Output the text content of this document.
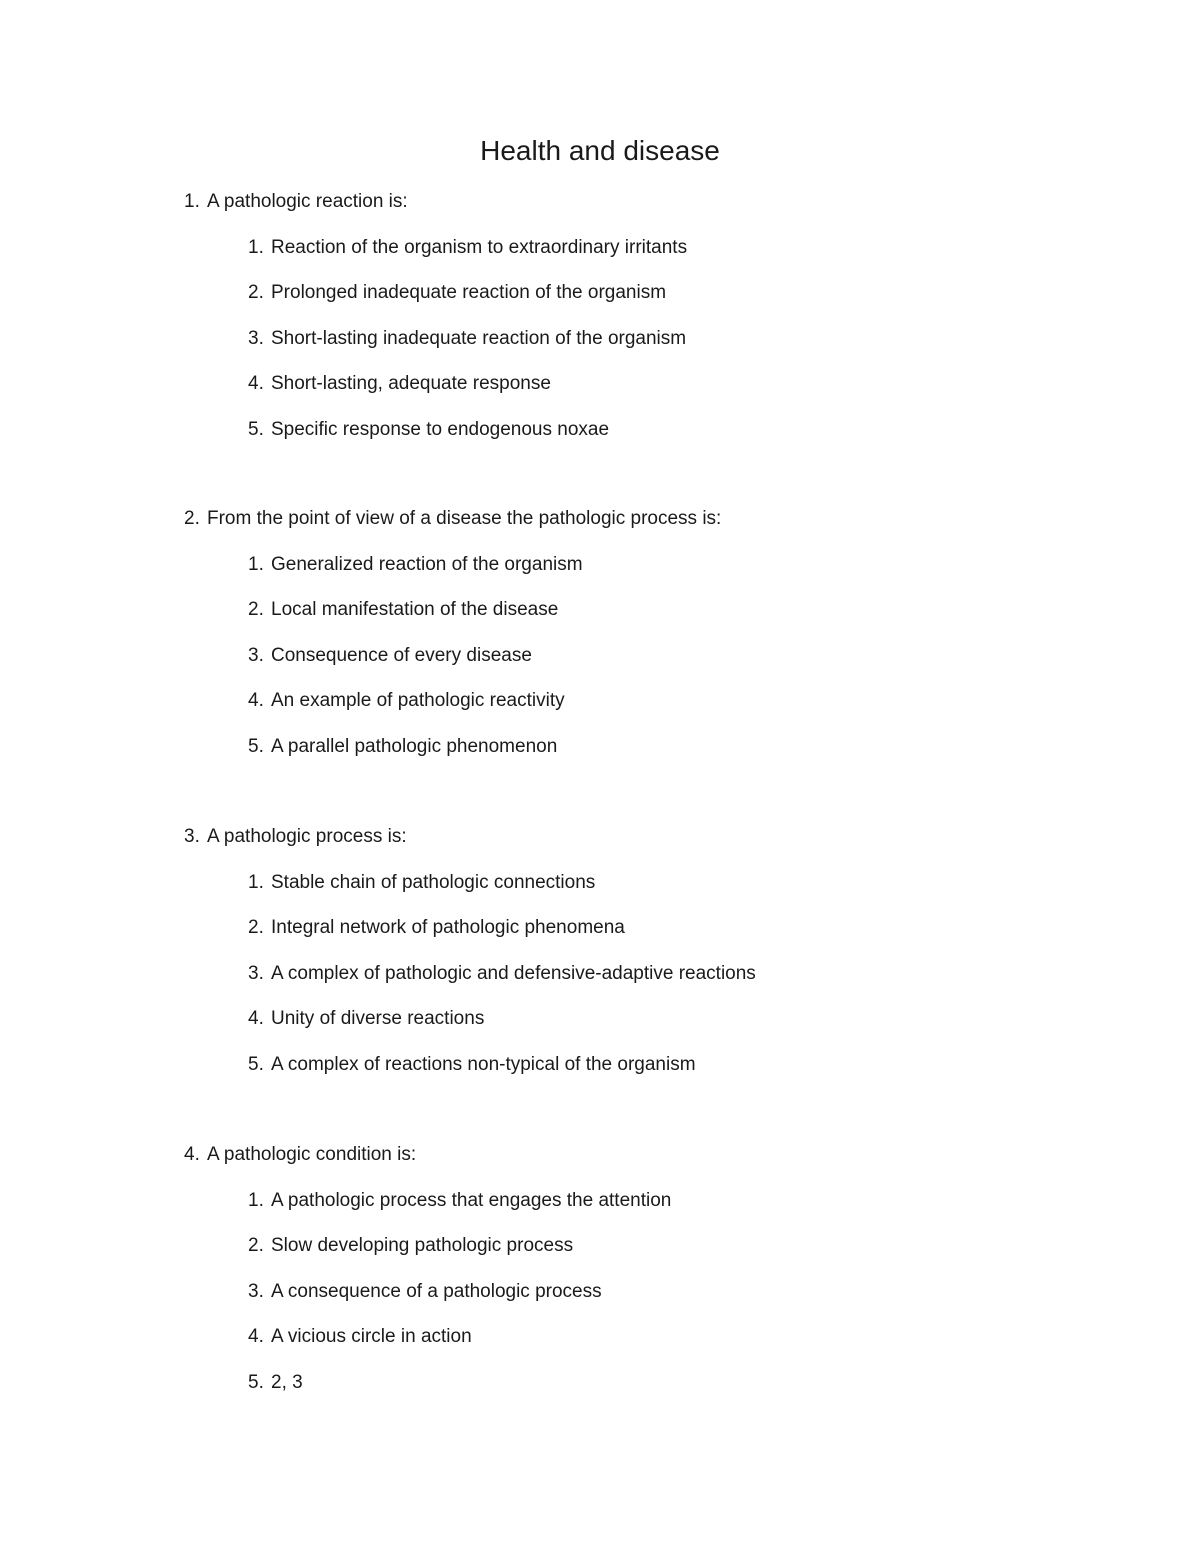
Health and disease
1. A pathologic reaction is:
1. Reaction of the organism to extraordinary irritants
2. Prolonged inadequate reaction of the organism
3. Short-lasting inadequate reaction of the organism
4. Short-lasting, adequate response
5. Specific response to endogenous noxae
2. From the point of view of a disease the pathologic process is:
1. Generalized reaction of the organism
2. Local manifestation of the disease
3. Consequence of every disease
4. An example of pathologic reactivity
5. A parallel pathologic phenomenon
3. A pathologic process is:
1. Stable chain of pathologic connections
2. Integral network of pathologic phenomena
3. A complex of pathologic and defensive-adaptive reactions
4. Unity of diverse reactions
5. A complex of reactions non-typical of the organism
4. A pathologic condition is:
1. A pathologic process that engages the attention
2. Slow developing pathologic process
3. A consequence of a pathologic process
4. A vicious circle in action
5. 2, 3
